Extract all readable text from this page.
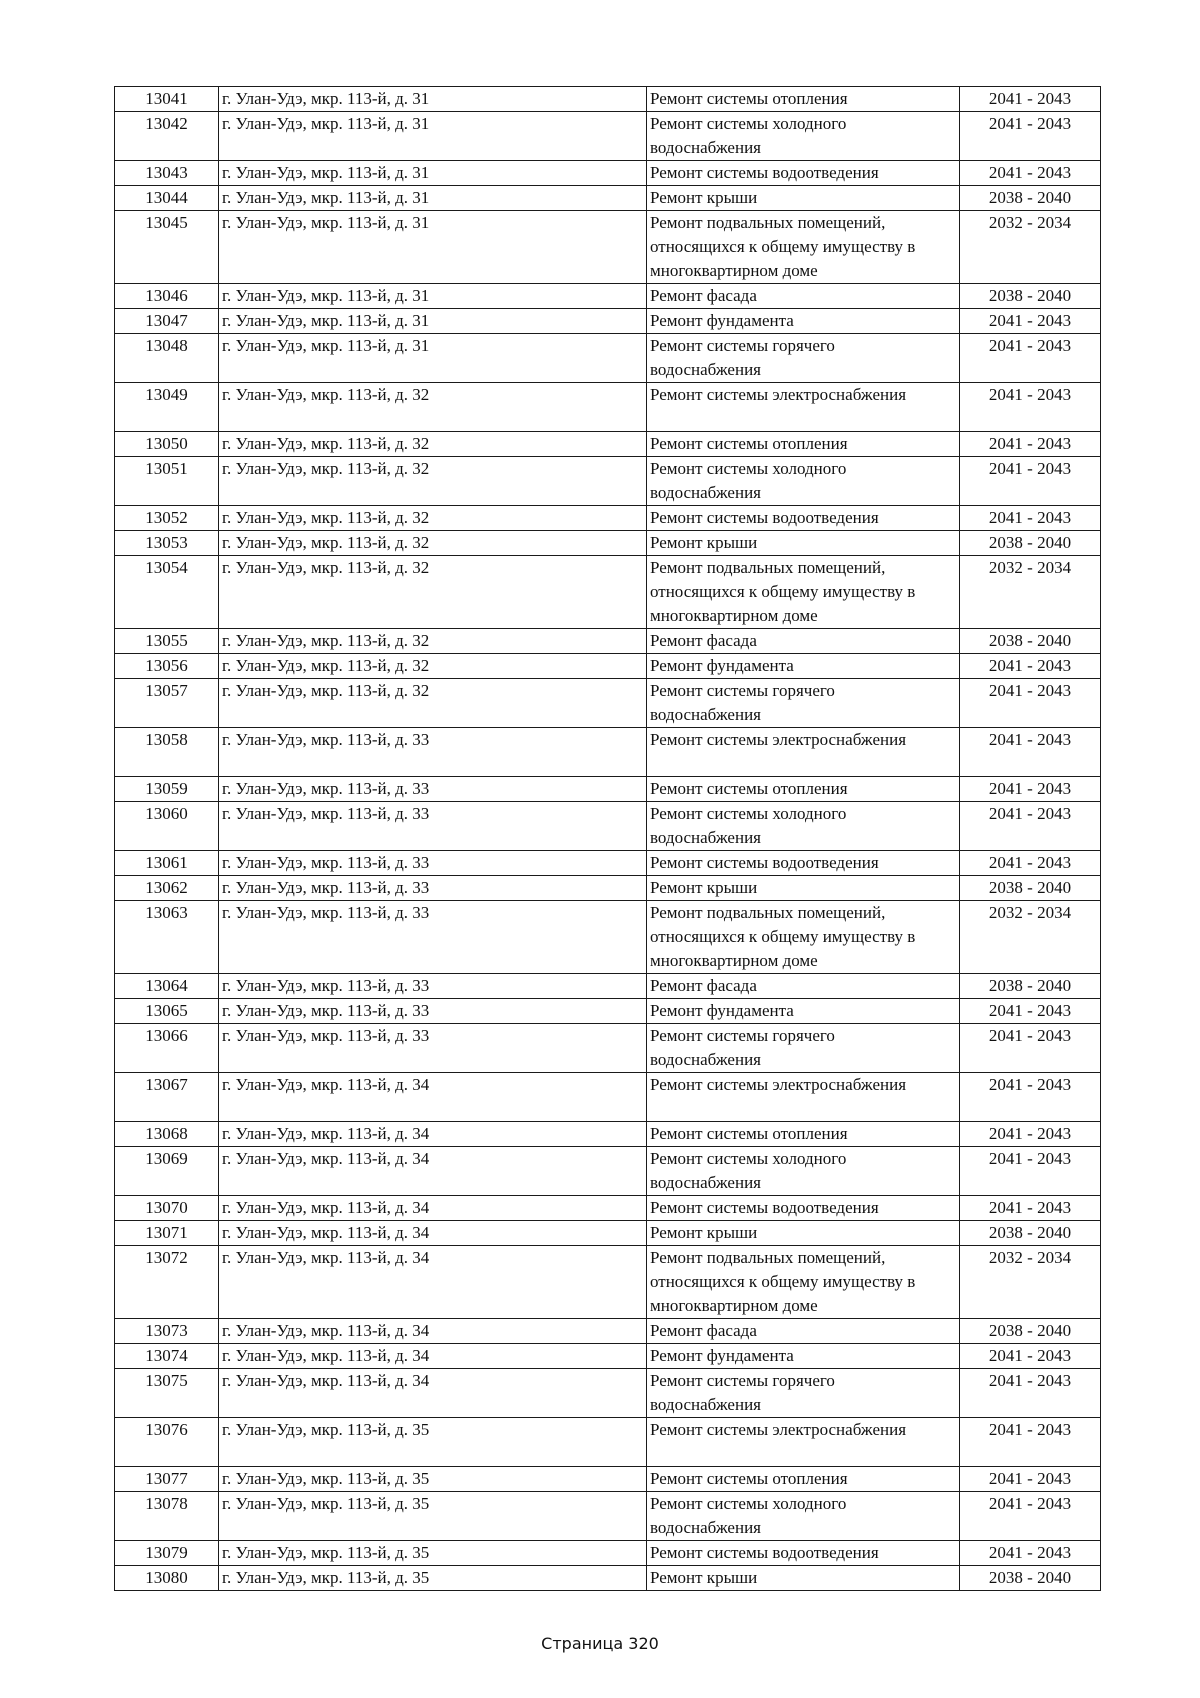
13041	г. Улан-Удэ, мкр. 113-й, д. 31	Ремонт системы отопления	2041 - 2043
13042	г. Улан-Удэ, мкр. 113-й, д. 31	Ремонт системы холодного
водоснабжения	2041 - 2043
13043	г. Улан-Удэ, мкр. 113-й, д. 31	Ремонт системы водоотведения	2041 - 2043
13044	г. Улан-Удэ, мкр. 113-й, д. 31	Ремонт крыши	2038 - 2040
13045	г. Улан-Удэ, мкр. 113-й, д. 31	Ремонт подвальных помещений,
относящихся к общему имуществу в
многоквартирном доме	2032 - 2034
13046	г. Улан-Удэ, мкр. 113-й, д. 31	Ремонт фасада	2038 - 2040
13047	г. Улан-Удэ, мкр. 113-й, д. 31	Ремонт фундамента	2041 - 2043
13048	г. Улан-Удэ, мкр. 113-й, д. 31	Ремонт системы горячего
водоснабжения	2041 - 2043
13049	г. Улан-Удэ, мкр. 113-й, д. 32	Ремонт системы электроснабжения	2041 - 2043
13050	г. Улан-Удэ, мкр. 113-й, д. 32	Ремонт системы отопления	2041 - 2043
13051	г. Улан-Удэ, мкр. 113-й, д. 32	Ремонт системы холодного
водоснабжения	2041 - 2043
13052	г. Улан-Удэ, мкр. 113-й, д. 32	Ремонт системы водоотведения	2041 - 2043
13053	г. Улан-Удэ, мкр. 113-й, д. 32	Ремонт крыши	2038 - 2040
13054	г. Улан-Удэ, мкр. 113-й, д. 32	Ремонт подвальных помещений,
относящихся к общему имуществу в
многоквартирном доме	2032 - 2034
13055	г. Улан-Удэ, мкр. 113-й, д. 32	Ремонт фасада	2038 - 2040
13056	г. Улан-Удэ, мкр. 113-й, д. 32	Ремонт фундамента	2041 - 2043
13057	г. Улан-Удэ, мкр. 113-й, д. 32	Ремонт системы горячего
водоснабжения	2041 - 2043
13058	г. Улан-Удэ, мкр. 113-й, д. 33	Ремонт системы электроснабжения	2041 - 2043
13059	г. Улан-Удэ, мкр. 113-й, д. 33	Ремонт системы отопления	2041 - 2043
13060	г. Улан-Удэ, мкр. 113-й, д. 33	Ремонт системы холодного
водоснабжения	2041 - 2043
13061	г. Улан-Удэ, мкр. 113-й, д. 33	Ремонт системы водоотведения	2041 - 2043
13062	г. Улан-Удэ, мкр. 113-й, д. 33	Ремонт крыши	2038 - 2040
13063	г. Улан-Удэ, мкр. 113-й, д. 33	Ремонт подвальных помещений,
относящихся к общему имуществу в
многоквартирном доме	2032 - 2034
13064	г. Улан-Удэ, мкр. 113-й, д. 33	Ремонт фасада	2038 - 2040
13065	г. Улан-Удэ, мкр. 113-й, д. 33	Ремонт фундамента	2041 - 2043
13066	г. Улан-Удэ, мкр. 113-й, д. 33	Ремонт системы горячего
водоснабжения	2041 - 2043
13067	г. Улан-Удэ, мкр. 113-й, д. 34	Ремонт системы электроснабжения	2041 - 2043
13068	г. Улан-Удэ, мкр. 113-й, д. 34	Ремонт системы отопления	2041 - 2043
13069	г. Улан-Удэ, мкр. 113-й, д. 34	Ремонт системы холодного
водоснабжения	2041 - 2043
13070	г. Улан-Удэ, мкр. 113-й, д. 34	Ремонт системы водоотведения	2041 - 2043
13071	г. Улан-Удэ, мкр. 113-й, д. 34	Ремонт крыши	2038 - 2040
13072	г. Улан-Удэ, мкр. 113-й, д. 34	Ремонт подвальных помещений,
относящихся к общему имуществу в
многоквартирном доме	2032 - 2034
13073	г. Улан-Удэ, мкр. 113-й, д. 34	Ремонт фасада	2038 - 2040
13074	г. Улан-Удэ, мкр. 113-й, д. 34	Ремонт фундамента	2041 - 2043
13075	г. Улан-Удэ, мкр. 113-й, д. 34	Ремонт системы горячего
водоснабжения	2041 - 2043
13076	г. Улан-Удэ, мкр. 113-й, д. 35	Ремонт системы электроснабжения	2041 - 2043
13077	г. Улан-Удэ, мкр. 113-й, д. 35	Ремонт системы отопления	2041 - 2043
13078	г. Улан-Удэ, мкр. 113-й, д. 35	Ремонт системы холодного
водоснабжения	2041 - 2043
13079	г. Улан-Удэ, мкр. 113-й, д. 35	Ремонт системы водоотведения	2041 - 2043
13080	г. Улан-Удэ, мкр. 113-й, д. 35	Ремонт крыши	2038 - 2040
Страница 320
